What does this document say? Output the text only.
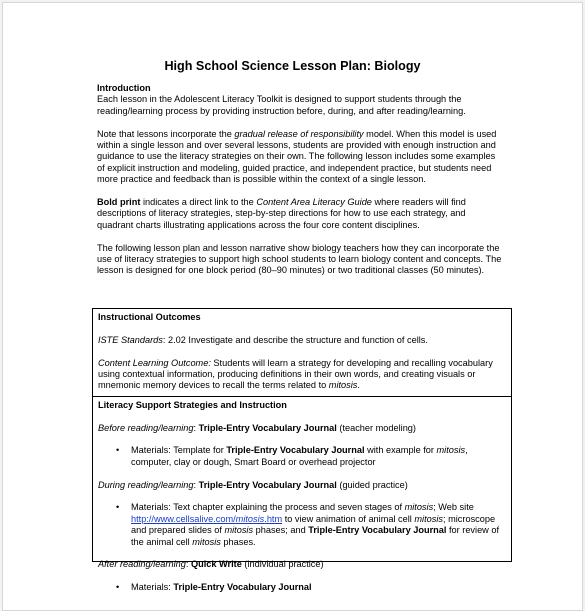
High School Science Lesson Plan: Biology
Introduction

Each lesson in the Adolescent Literacy Toolkit is designed to support students through the reading/learning process by providing instruction before, during, and after reading/learning.

Note that lessons incorporate the gradual release of responsibility model. When this model is used within a single lesson and over several lessons, students are provided with enough instruction and guidance to use the literacy strategies on their own. The following lesson includes some examples of explicit instruction and modeling, guided practice, and independent practice, but students need more practice and feedback than is possible within the context of a single lesson.

Bold print indicates a direct link to the Content Area Literacy Guide where readers will find descriptions of literacy strategies, step-by-step directions for how to use each strategy, and quadrant charts illustrating applications across the four core content disciplines.

The following lesson plan and lesson narrative show biology teachers how they can incorporate the use of literacy strategies to support high school students to learn biology content and concepts. The lesson is designed for one block period (80–90 minutes) or two traditional classes (50 minutes).

Instructional Outcomes

ISTE Standards: 2.02 Investigate and describe the structure and function of cells.

Content Learning Outcome: Students will learn a strategy for developing and recalling vocabulary using contextual information, producing definitions in their own words, and creating visuals or mnemonic memory devices to recall the terms related to mitosis.

Literacy Support Strategies and Instruction

Before reading/learning: Triple-Entry Vocabulary Journal (teacher modeling)

• Materials: Template for Triple-Entry Vocabulary Journal with example for mitosis, computer, clay or dough, Smart Board or overhead projector

During reading/learning: Triple-Entry Vocabulary Journal (guided practice)

• Materials: Text chapter explaining the process and seven stages of mitosis; Web site http://www.cellsalive.com/mitosis.htm to view animation of animal cell mitosis; microscope and prepared slides of mitosis phases; and Triple-Entry Vocabulary Journal for review of the animal cell mitosis phases.

After reading/learning: Quick Write (individual practice)

• Materials: Triple-Entry Vocabulary Journal
